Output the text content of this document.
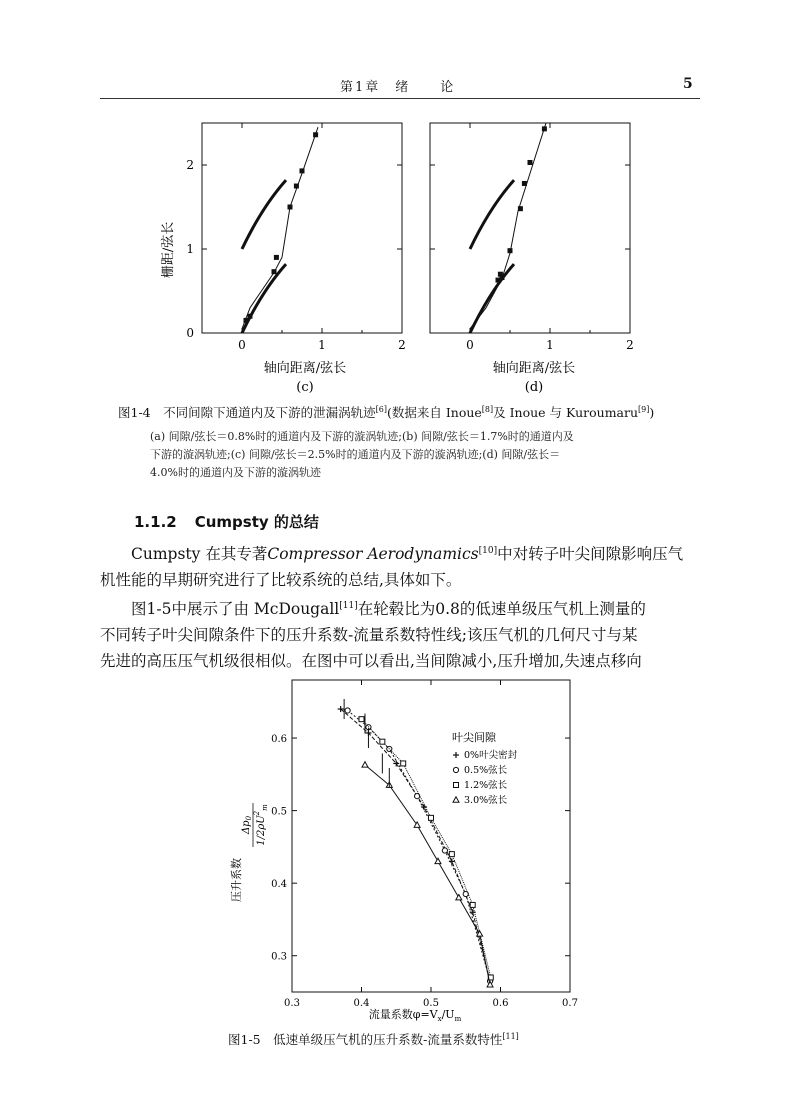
第1章　绪　　论	5
0	1	2
0
1
2
0	1	2
栅距/弦长
轴向距离/弦长
(c)
轴向距离/弦长
(d)
图1-4　不同间隙下通道内及下游的泄漏涡轨迹[6](数据来自 Inoue[8]及 Inoue 与 Kuroumaru[9])
(a) 间隙/弦长＝0.8%时的通道内及下游的漩涡轨迹;(b) 间隙/弦长＝1.7%时的通道内及
下游的漩涡轨迹;(c) 间隙/弦长＝2.5%时的通道内及下游的漩涡轨迹;(d) 间隙/弦长＝
4.0%时的通道内及下游的漩涡轨迹
1.1.2 Cumpsty 的总结
Cumpsty 在其专著Compressor Aerodynamics[10]中对转子叶尖间隙影响压气
机性能的早期研究进行了比较系统的总结,具体如下。
图1-5中展示了由 McDougall[11]在轮毂比为0.8的低速单级压气机上测量的
不同转子叶尖间隙条件下的压升系数-流量系数特性线;该压气机的几何尺寸与某
先进的高压压气机级很相似。在图中可以看出,当间隙减小,压升增加,失速点移向
0.3	0.4	0.5	0.6	0.7
0.3
0.4
0.5
0.6
0%叶尖密封
0.5%弦长
1.2%弦长
3.0%弦长
压升系数
$\Delta p_0$ $1/2\rho U^2_m$
流量系数$\varphi=V_x/U_m$
叶尖间隙
图1-5　低速单级压气机的压升系数-流量系数特性[11]
